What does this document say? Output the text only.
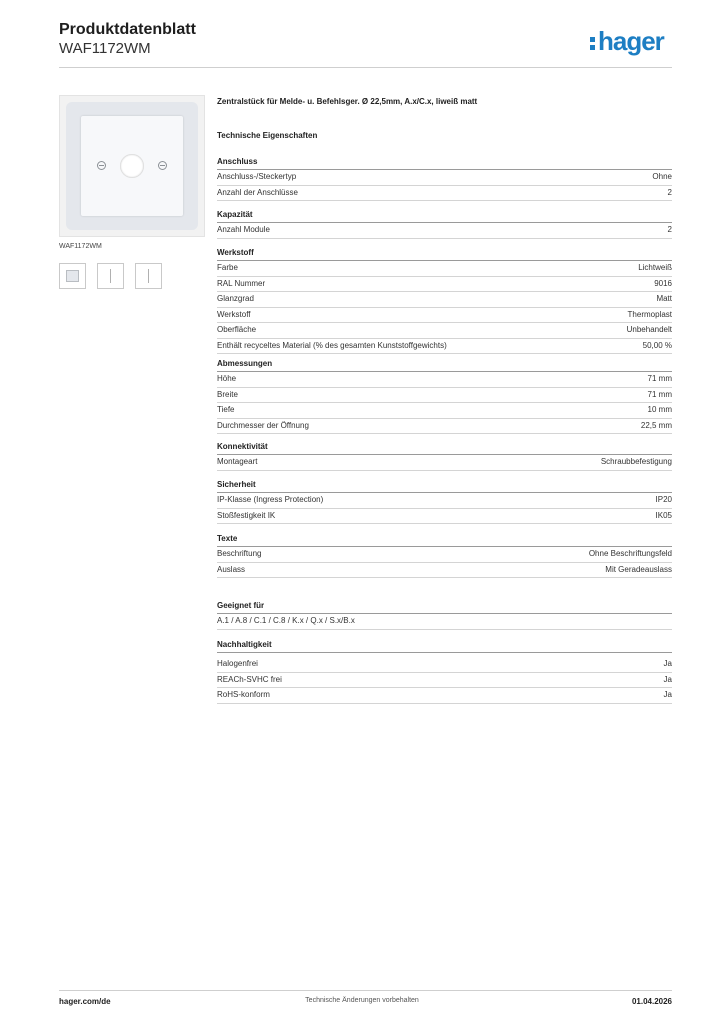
Produktdatenblatt
WAF1172WM	hager
WAF1172WM
Zentralstück für Melde- u. Befehlsger. Ø 22,5mm, A.x/C.x, liweiß matt
Technische Eigenschaften
Anschluss
Anschluss-/Steckertyp	Ohne
Anzahl der Anschlüsse	2
Kapazität
Anzahl Module	2
Werkstoff
Farbe	Lichtweiß
RAL Nummer	9016
Glanzgrad	Matt
Werkstoff	Thermoplast
Oberfläche	Unbehandelt
Enthält recyceltes Material (% des gesamten Kunststoffgewichts)	50,00 %
Abmessungen
Höhe	71 mm
Breite	71 mm
Tiefe	10 mm
Durchmesser der Öffnung	22,5 mm
Konnektivität
Montageart	Schraubbefestigung
Sicherheit
IP-Klasse (Ingress Protection)	IP20
Stoßfestigkeit IK	IK05
Texte
Beschriftung	Ohne Beschriftungsfeld
Auslass	Mit Geradeauslass
Geeignet für
A.1 / A.8 / C.1 / C.8 / K.x / Q.x / S.x/B.x
Nachhaltigkeit
Halogenfrei	Ja
REACh-SVHC frei	Ja
RoHS-konform	Ja
hager.com/de	Technische Änderungen vorbehalten	01.04.2026
